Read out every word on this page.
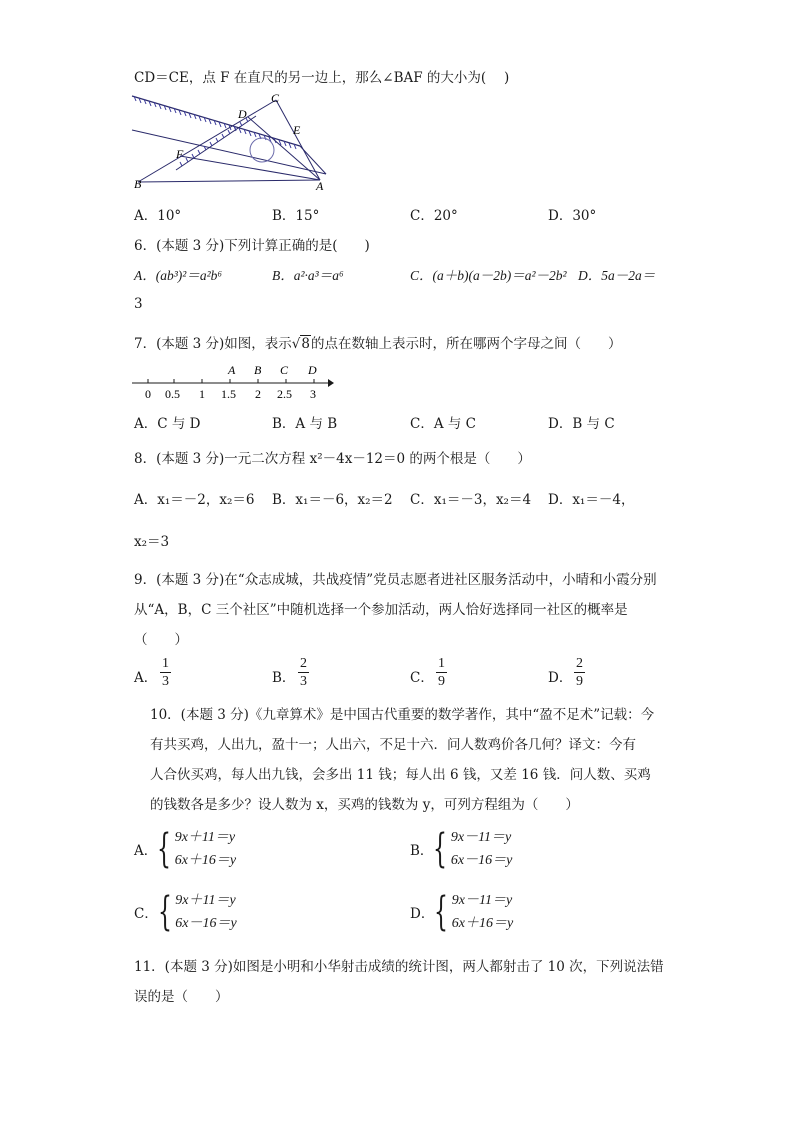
CD＝CE，点 F 在直尺的另一边上，那么∠BAF 的大小为(　 )
C
D
E
F
B	A
A．10°	B．15°	C．20°	D．30°
6．(本题 3 分)下列计算正确的是(　　)
A．(ab³)²＝a²b⁶	B．a²·a³＝a⁶	C．(a＋b)(a－2b)＝a²－2b² D．5a－2a＝
3
7．(本题 3 分)如图，表示√8的点在数轴上表示时，所在哪两个字母之间（　　）
0 0.5 1 1.5 2 2.5 3
A B C D
A．C 与 D	B．A 与 B	C．A 与 C	D．B 与 C
8．(本题 3 分)一元二次方程 x²－4x－12＝0 的两个根是（　　）
A．x₁＝－2，x₂＝6 B．x₁＝－6，x₂＝2 C．x₁＝－3，x₂＝4 D．x₁＝－4，
x₂＝3
9．(本题 3 分)在“众志成城，共战疫情”党员志愿者进社区服务活动中，小晴和小霞分别
从“A，B，C 三个社区”中随机选择一个参加活动，两人恰好选择同一社区的概率是
（　　）
A．
1
3	B．
2
3	C．
1
9	D．
2
9
10．(本题 3 分)《九章算术》是中国古代重要的数学著作，其中“盈不足术”记载：今
有共买鸡，人出九，盈十一；人出六，不足十六．问人数鸡价各几何？译文：今有
人合伙买鸡，每人出九钱，会多出 11 钱；每人出 6 钱，又差 16 钱．问人数、买鸡
的钱数各是多少？设人数为 x，买鸡的钱数为 y，可列方程组为（　　）
A． { 9x＋11＝y
6x＋16＝y
B． { 9x－11＝y
6x－16＝y
C． { 9x＋11＝y
6x－16＝y
D． { 9x－11＝y
6x＋16＝y
11．(本题 3 分)如图是小明和小华射击成绩的统计图，两人都射击了 10 次，下列说法错
误的是（　　）
